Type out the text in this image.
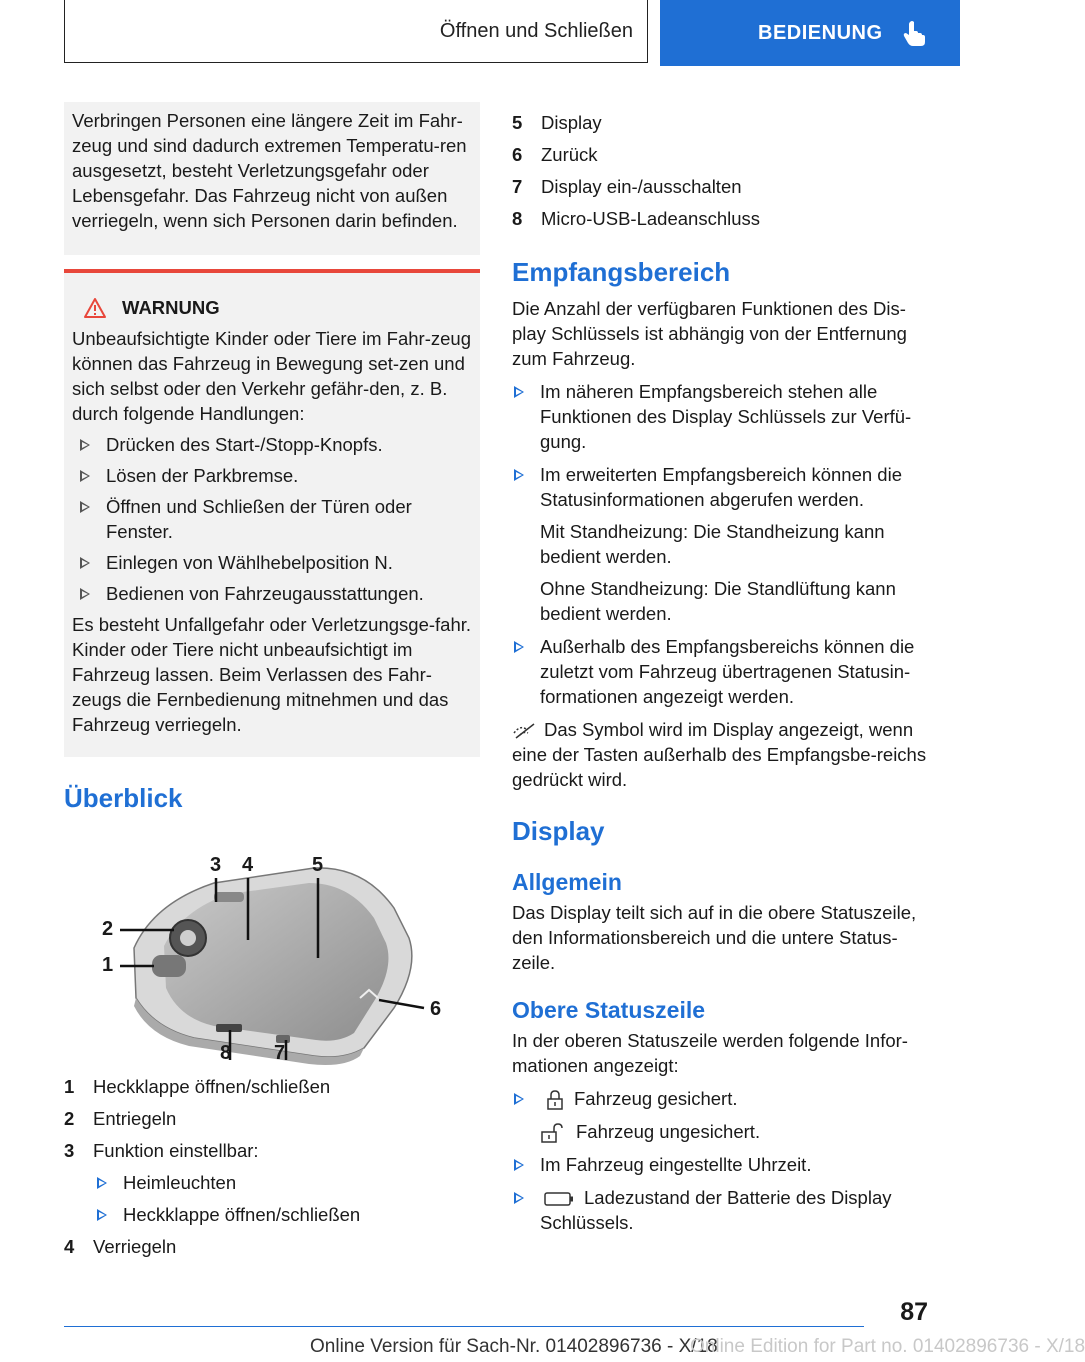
Öffnen und Schließen	BEDIENUNG
Verbringen Personen eine längere Zeit im Fahr-zeug und sind dadurch extremen Temperatu-ren ausgesetzt, besteht Verletzungsgefahr oder Lebensgefahr. Das Fahrzeug nicht von außen verriegeln, wenn sich Personen darin befinden.
WARNUNG
Unbeaufsichtigte Kinder oder Tiere im Fahr-zeug können das Fahrzeug in Bewegung set-zen und sich selbst oder den Verkehr gefähr-den, z. B. durch folgende Handlungen:
Drücken des Start-/Stopp-Knopfs.
Lösen der Parkbremse.
Öffnen und Schließen der Türen oder Fenster.
Einlegen von Wählhebelposition N.
Bedienen von Fahrzeugausstattungen.
Es besteht Unfallgefahr oder Verletzungsge-fahr. Kinder oder Tiere nicht unbeaufsichtigt im Fahrzeug lassen. Beim Verlassen des Fahr-zeugs die Fernbedienung mitnehmen und das Fahrzeug verriegeln.
Überblick
1
2
3 4	5
6
7
8
1	Heckklappe öffnen/schließen
2	Entriegeln
3	Funktion einstellbar:
Heimleuchten
Heckklappe öffnen/schließen
4	Verriegeln
5	Display
6	Zurück
7	Display ein-/ausschalten
8	Micro-USB-Ladeanschluss
Empfangsbereich
Die Anzahl der verfügbaren Funktionen des Dis-play Schlüssels ist abhängig von der Entfernung zum Fahrzeug.
Im näheren Empfangsbereich stehen alle Funktionen des Display Schlüssels zur Verfü-gung.
Im erweiterten Empfangsbereich können die Statusinformationen abgerufen werden.
Mit Standheizung: Die Standheizung kann bedient werden.
Ohne Standheizung: Die Standlüftung kann bedient werden.
Außerhalb des Empfangsbereichs können die zuletzt vom Fahrzeug übertragenen Statusin-formationen angezeigt werden.
Das Symbol wird im Display angezeigt, wenn eine der Tasten außerhalb des Empfangsbe-reichs gedrückt wird.
Display
Allgemein
Das Display teilt sich auf in die obere Statuszeile, den Informationsbereich und die untere Status-zeile.
Obere Statuszeile
In der oberen Statuszeile werden folgende Infor-mationen angezeigt:
Fahrzeug gesichert.
Fahrzeug ungesichert.
Im Fahrzeug eingestellte Uhrzeit.
Ladezustand der Batterie des Display Schlüssels.
87
Online Version für Sach-Nr. 01402896736 - X/18
Online Edition for Part no. 01402896736 - X/18
